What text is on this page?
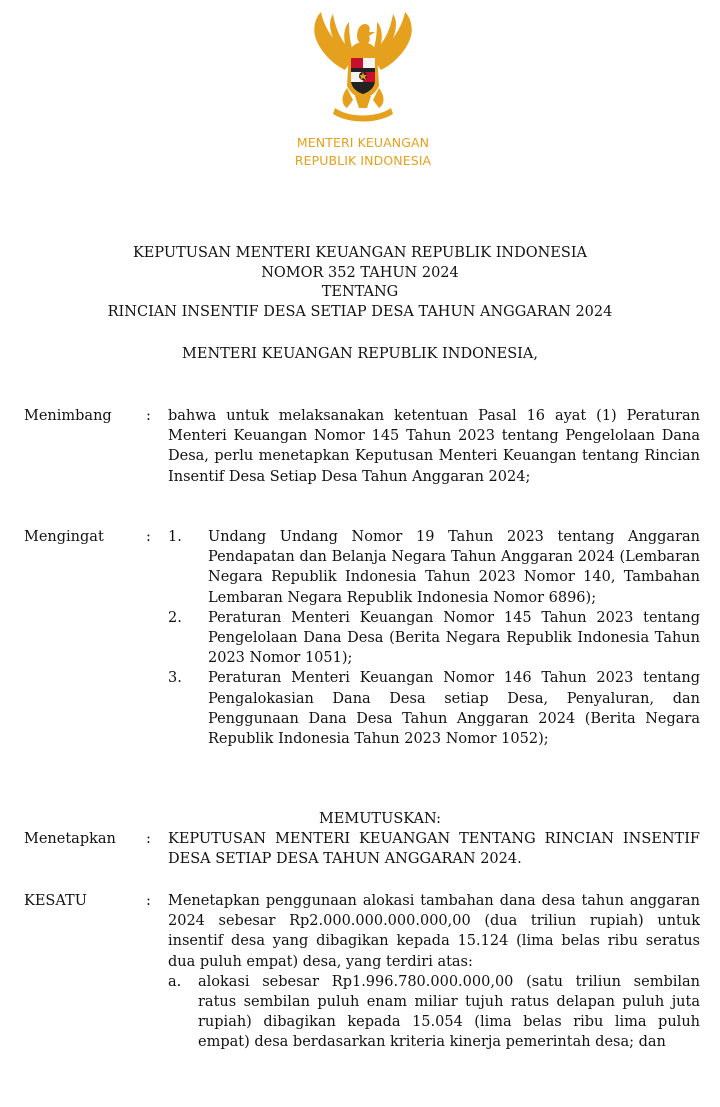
MENTERI KEUANGAN
REPUBLIK INDONESIA
KEPUTUSAN MENTERI KEUANGAN REPUBLIK INDONESIA
NOMOR 352 TAHUN 2024
TENTANG
RINCIAN INSENTIF DESA SETIAP DESA TAHUN ANGGARAN 2024
MENTERI KEUANGAN REPUBLIK INDONESIA,
Menimbang : bahwa untuk melaksanakan ketentuan Pasal 16 ayat (1) Peraturan Menteri Keuangan Nomor 145 Tahun 2023 tentang Pengelolaan Dana Desa, perlu menetapkan Keputusan Menteri Keuangan tentang Rincian Insentif Desa Setiap Desa Tahun Anggaran 2024;
Mengingat	: 1. Undang Undang Nomor 19 Tahun 2023 tentang Anggaran Pendapatan dan Belanja Negara Tahun Anggaran 2024 (Lembaran Negara Republik Indonesia Tahun 2023 Nomor 140, Tambahan Lembaran Negara Republik Indonesia Nomor 6896);
2. Peraturan Menteri Keuangan Nomor 145 Tahun 2023 tentang Pengelolaan Dana Desa (Berita Negara Republik Indonesia Tahun 2023 Nomor 1051);
3. Peraturan Menteri Keuangan Nomor 146 Tahun 2023 tentang Pengalokasian Dana Desa setiap Desa, Penyaluran, dan Penggunaan Dana Desa Tahun Anggaran 2024 (Berita Negara Republik Indonesia Tahun 2023 Nomor 1052);
MEMUTUSKAN:
Menetapkan : KEPUTUSAN MENTERI KEUANGAN TENTANG RINCIAN INSENTIF DESA SETIAP DESA TAHUN ANGGARAN 2024.
KESATU	: Menetapkan penggunaan alokasi tambahan dana desa tahun anggaran 2024 sebesar Rp2.000.000.000.000,00 (dua triliun rupiah) untuk insentif desa yang dibagikan kepada 15.124 (lima belas ribu seratus dua puluh empat) desa, yang terdiri atas:
a. alokasi sebesar Rp1.996.780.000.000,00 (satu triliun sembilan ratus sembilan puluh enam miliar tujuh ratus delapan puluh juta rupiah) dibagikan kepada 15.054 (lima belas ribu lima puluh empat) desa berdasarkan kriteria kinerja pemerintah desa; dan
